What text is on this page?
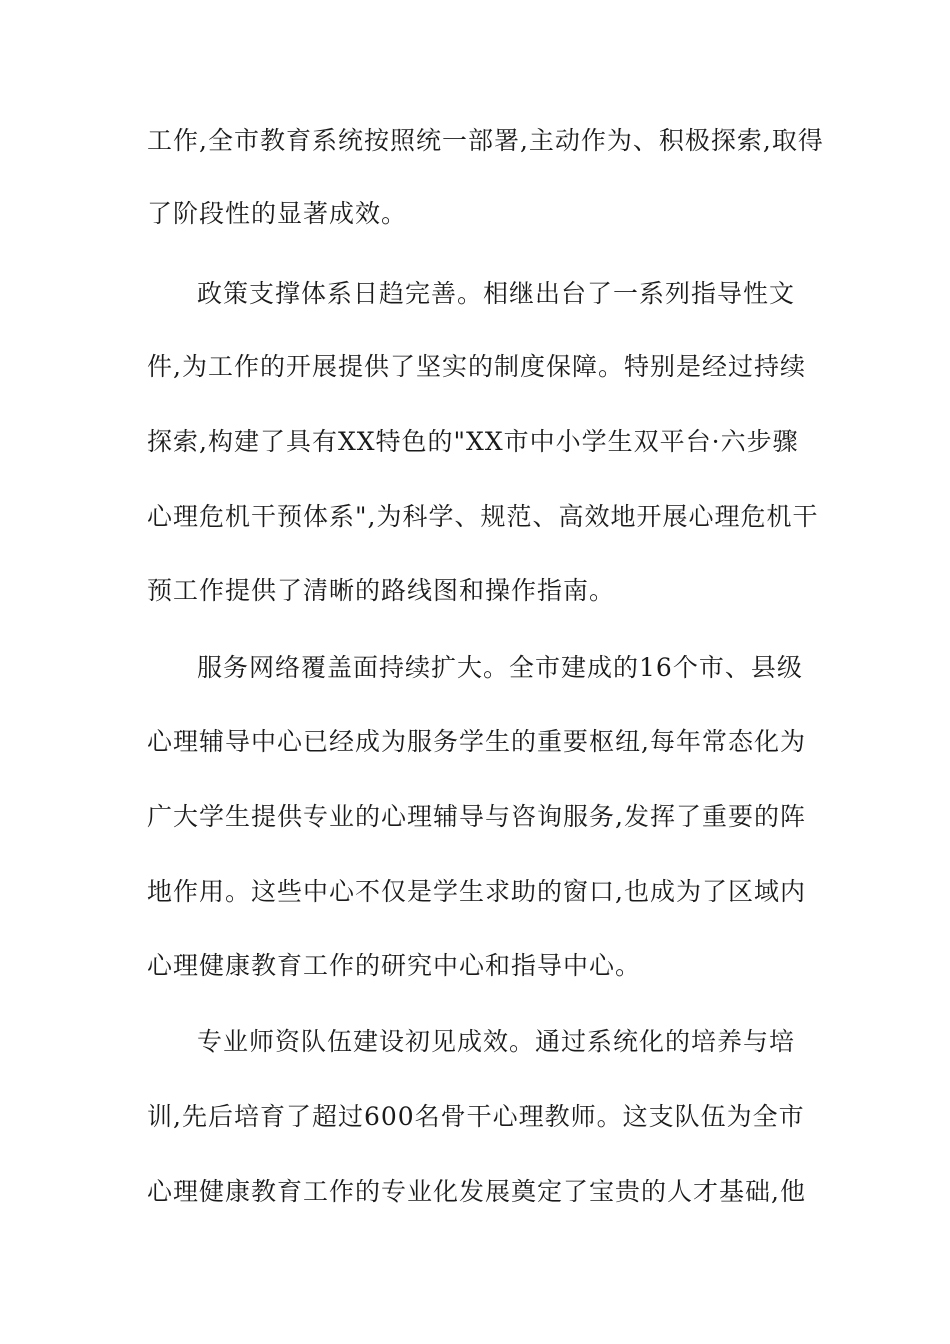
工作,全市教育系统按照统一部署,主动作为、积极探索,取得
了阶段性的显著成效。
政策支撑体系日趋完善。相继出台了一系列指导性文
件,为工作的开展提供了坚实的制度保障。特别是经过持续
探索,构建了具有XX特色的"XX市中小学生双平台·六步骤
心理危机干预体系",为科学、规范、高效地开展心理危机干
预工作提供了清晰的路线图和操作指南。
服务网络覆盖面持续扩大。全市建成的16个市、县级
心理辅导中心已经成为服务学生的重要枢纽,每年常态化为
广大学生提供专业的心理辅导与咨询服务,发挥了重要的阵
地作用。这些中心不仅是学生求助的窗口,也成为了区域内
心理健康教育工作的研究中心和指导中心。
专业师资队伍建设初见成效。通过系统化的培养与培
训,先后培育了超过600名骨干心理教师。这支队伍为全市
心理健康教育工作的专业化发展奠定了宝贵的人才基础,他
